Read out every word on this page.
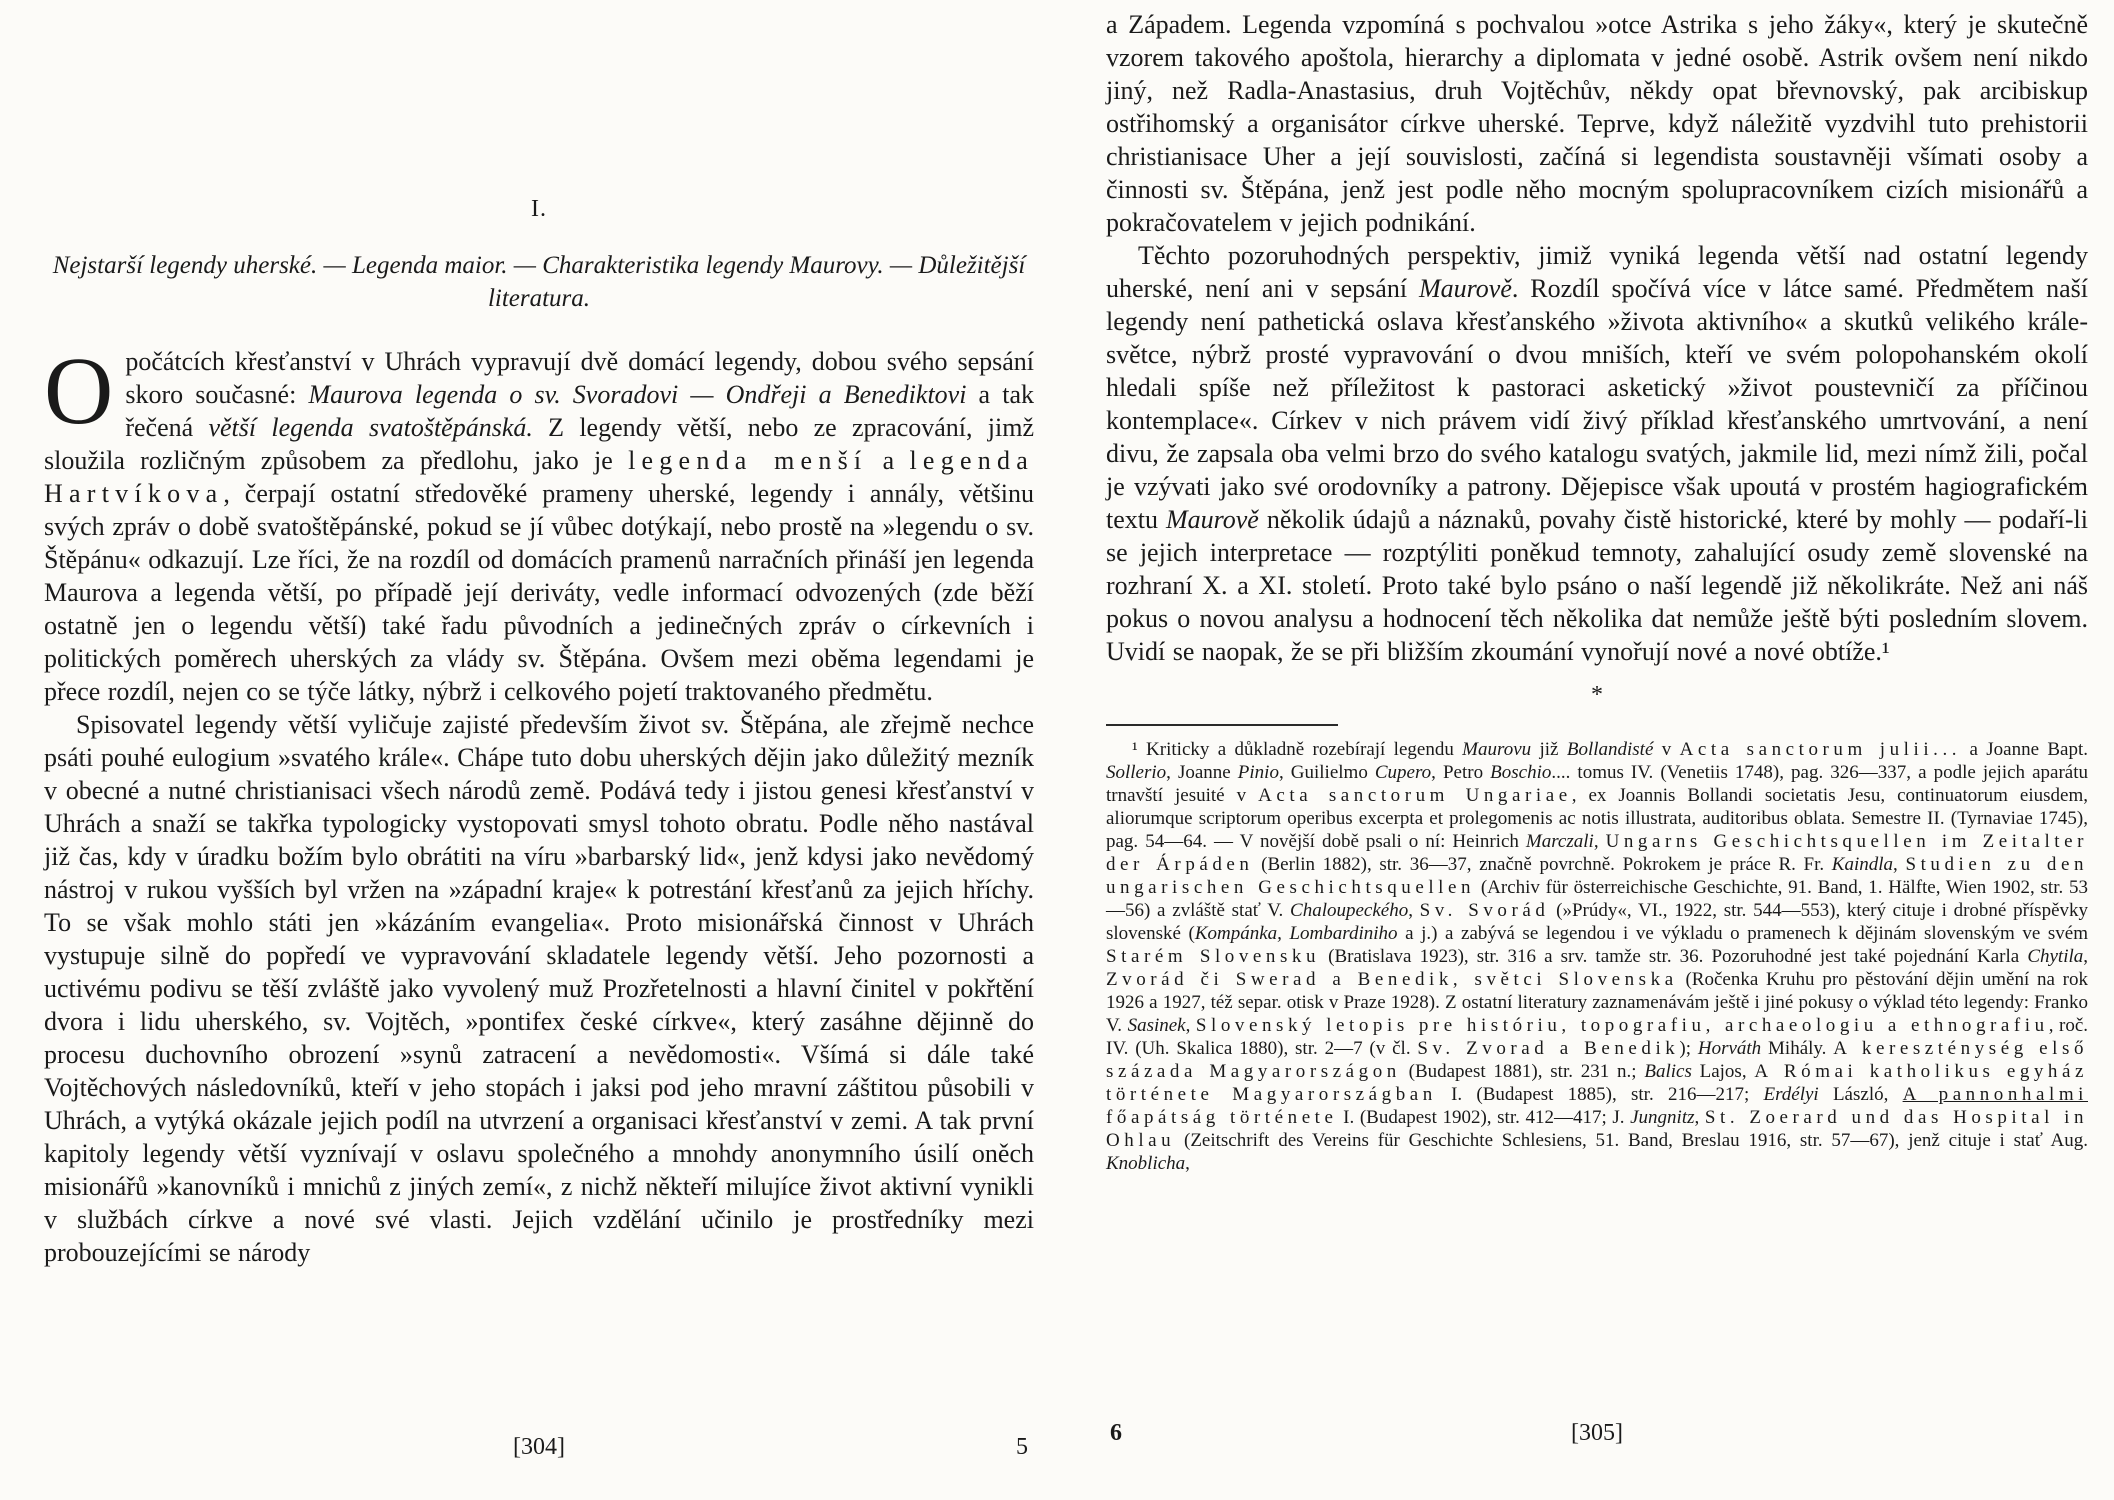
I.
Nejstarší legendy uherské. — Legenda maior. — Charakteristika legendy Maurovy. — Důležitější literatura.

Opočátcích křesťanství v Uhrách vypravují dvě domácí legendy, dobou svého sepsání skoro současné: Maurova legenda o sv. Svoradovi — Ondřeji a Benediktovi a tak řečená větší legenda svatoštěpánská. Z legendy větší, nebo ze zpracování, jimž sloužila rozličným způsobem za předlohu, jako je legenda menší a legenda Hartvíkova, čerpají ostatní středověké prameny uherské, legendy i annály, většinu svých zpráv o době svatoštěpánské, pokud se jí vůbec dotýkají, nebo prostě na »legendu o sv. Štěpánu« odkazují. Lze říci, že na rozdíl od domácích pramenů narračních přináší jen legenda Maurova a legenda větší, po případě její deriváty, vedle informací odvozených (zde běží ostatně jen o legendu větší) také řadu původních a jedinečných zpráv o církevních i politických poměrech uherských za vlády sv. Štěpána. Ovšem mezi oběma legendami je přece rozdíl, nejen co se týče látky, nýbrž i celkového pojetí traktovaného předmětu.

Spisovatel legendy větší vyličuje zajisté především život sv. Štěpána, ale zřejmě nechce psáti pouhé eulogium »svatého krále«. Chápe tuto dobu uherských dějin jako důležitý mezník v obecné a nutné christianisaci všech národů země. Podává tedy i jistou genesi křesťanství v Uhrách a snaží se takřka typologicky vystopovati smysl tohoto obratu. Podle něho nastával již čas, kdy v úradku božím bylo obrátiti na víru »barbarský lid«, jenž kdysi jako nevědomý nástroj v rukou vyšších byl vržen na »západní kraje« k potrestání křesťanů za jejich hříchy. To se však mohlo státi jen »kázáním evangelia«. Proto misionářská činnost v Uhrách vystupuje silně do popředí ve vypravování skladatele legendy větší. Jeho pozornosti a uctivému podivu se těší zvláště jako vyvolený muž Prozřetelnosti a hlavní činitel v pokřtění dvora i lidu uherského, sv. Vojtěch, »pontifex české církve«, který zasáhne dějinně do procesu duchovního obrození »synů zatracení a nevědomosti«. Všímá si dále také Vojtěchových následovníků, kteří v jeho stopách i jaksi pod jeho mravní záštitou působili v Uhrách, a vytýká okázale jejich podíl na utvrzení a organisaci křesťanství v zemi. A tak první kapitoly legendy větší vyznívají v oslavu společného a mnohdy anonymního úsilí oněch misionářů »kanovníků i mnichů z jiných zemí«, z nichž někteří milujíce život aktivní vynikli v službách církve a nové své vlasti. Jejich vzdělání učinilo je prostředníky mezi probouzejícími se národy

[304]	5

a Západem. Legenda vzpomíná s pochvalou »otce Astrika s jeho žáky«, který je skutečně vzorem takového apoštola, hierarchy a diplomata v jedné osobě. Astrik ovšem není nikdo jiný, než Radla-Anastasius, druh Vojtěchův, někdy opat břevnovský, pak arcibiskup ostřihomský a organisátor církve uherské. Teprve, když náležitě vyzdvihl tuto prehistorii christianisace Uher a její souvislosti, začíná si legendista soustavněji všímati osoby a činnosti sv. Štěpána, jenž jest podle něho mocným spolupracovníkem cizích misionářů a pokračovatelem v jejich podnikání.

Těchto pozoruhodných perspektiv, jimiž vyniká legenda větší nad ostatní legendy uherské, není ani v sepsání Maurově. Rozdíl spočívá více v látce samé. Předmětem naší legendy není pathetická oslava křesťanského »života aktivního« a skutků velikého krále-světce, nýbrž prosté vypravování o dvou mniších, kteří ve svém polopohanském okolí hledali spíše než příležitost k pastoraci asketický »život poustevničí za příčinou kontemplace«. Církev v nich právem vidí živý příklad křesťanského umrtvování, a není divu, že zapsala oba velmi brzo do svého katalogu svatých, jakmile lid, mezi nímž žili, počal je vzývati jako své orodovníky a patrony. Dějepisce však upoutá v prostém hagiografickém textu Maurově několik údajů a náznaků, povahy čistě historické, které by mohly — podaří-li se jejich interpretace — rozptýliti poněkud temnoty, zahalující osudy země slovenské na rozhraní X. a XI. století. Proto také bylo psáno o naší legendě již několikráte. Než ani náš pokus o novou analysu a hodnocení těch několika dat nemůže ještě býti posledním slovem. Uvidí se naopak, že se při bližším zkoumání vynořují nové a nové obtíže.¹

*

¹ Kriticky a důkladně rozebírají legendu Maurovu již Bollandisté v Acta sanctorum julii... a Joanne Bapt. Sollerio, Joanne Pinio, Guilielmo Cupero, Petro Boschio.... tomus IV. (Venetiis 1748), pag. 326—337, a podle jejich aparátu trnavští jesuité v Acta sanctorum Ungariae, ex Joannis Bollandi societatis Jesu, continuatorum eiusdem, aliorumque scriptorum operibus excerpta et prolegomenis ac notis illustrata, auditoribus oblata. Semestre II. (Tyrnaviae 1745), pag. 54—64. — V novější době psali o ní: Heinrich Marczali, Ungarns Geschichtsquellen im Zeitalter der Árpáden (Berlin 1882), str. 36—37, značně povrchně. Pokrokem je práce R. Fr. Kaindla, Studien zu den ungarischen Geschichtsquellen (Archiv für österreichische Geschichte, 91. Band, 1. Hälfte, Wien 1902, str. 53—56) a zvláště stať V. Chaloupeckého, Sv. Svorád (»Prúdy«, VI., 1922, str. 544—553), který cituje i drobné příspěvky slovenské (Kompánka, Lombardiniho a j.) a zabývá se legendou i ve výkladu o pramenech k dějinám slovenským ve svém Starém Slovensku (Bratislava 1923), str. 316 a srv. tamže str. 36. Pozoruhodné jest také pojednání Karla Chytila, Zvorád či Swerad a Benedik, světci Slovenska (Ročenka Kruhu pro pěstování dějin umění na rok 1926 a 1927, též separ. otisk v Praze 1928). Z ostatní literatury zaznamenávám ještě i jiné pokusy o výklad této legendy: Franko V. Sasinek, Slovenský letopis pre históriu, topografiu, archaeologiu a ethnografiu, roč. IV. (Uh. Skalica 1880), str. 2—7 (v čl. Sv. Zvorad a Benedik); Horváth Mihály. A kereszténység első százada Magyarországon (Budapest 1881), str. 231 n.; Balics Lajos, A Római katholikus egyház története Magyarországban I. (Budapest 1885), str. 216—217; Erdélyi László, A pannonhalmi főapátság története I. (Budapest 1902), str. 412—417; J. Jungnitz, St. Zoerard und das Hospital in Ohlau (Zeitschrift des Vereins für Geschichte Schlesiens, 51. Band, Breslau 1916, str. 57—67), jenž cituje i stať Aug. Knoblicha,

6	[305]
